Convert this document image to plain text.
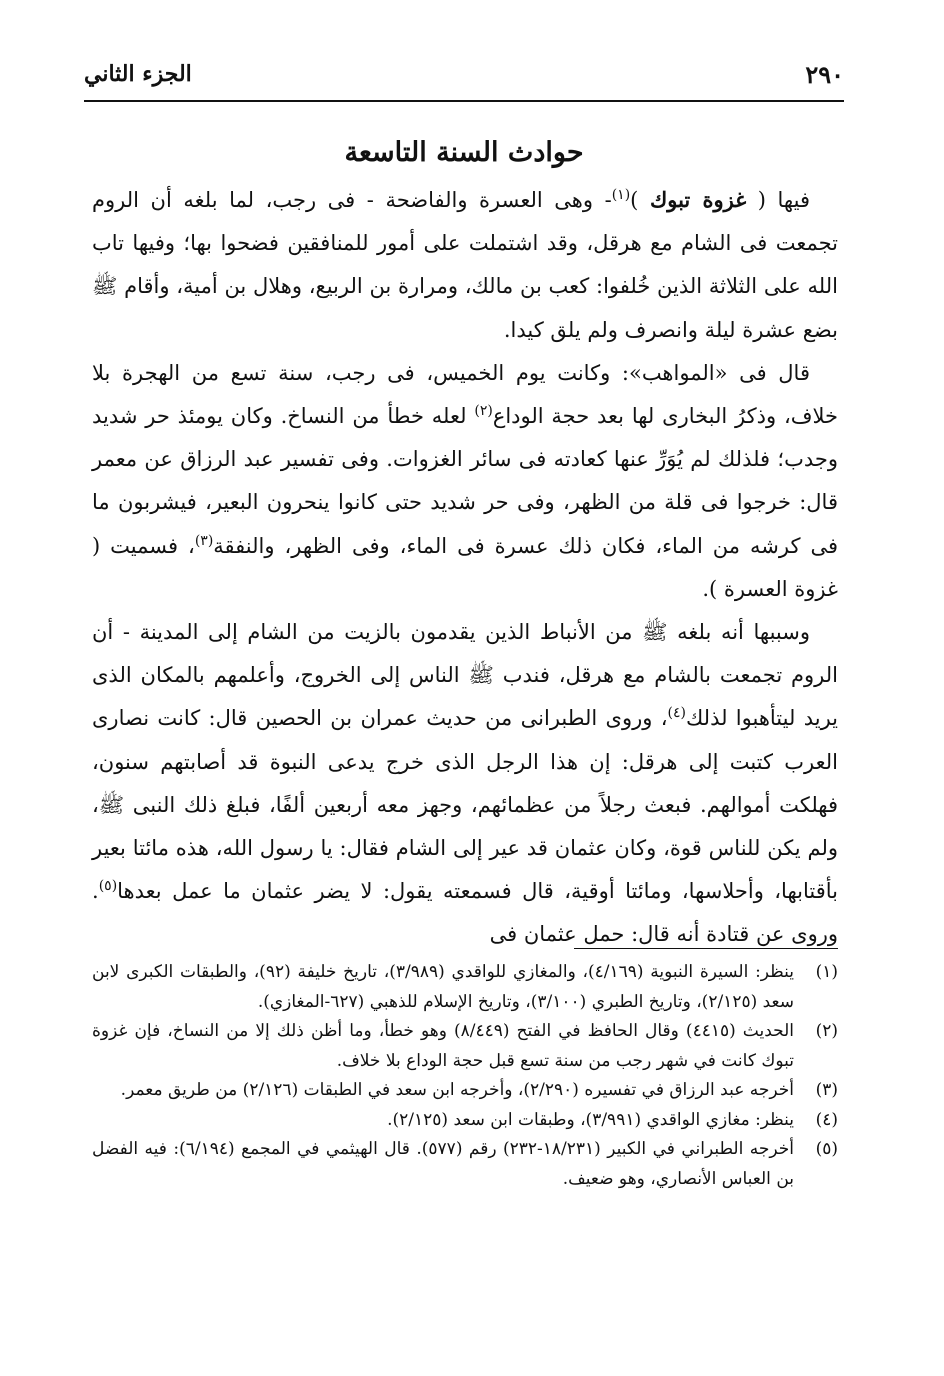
٢٩٠
الجزء الثاني
حوادث السنة التاسعة

فيها ( غزوة تبوك )$^{(١)}$- وهى العسرة والفاضحة - فى رجب، لما بلغه أن الروم تجمعت فى الشام مع هرقل، وقد اشتملت على أمور للمنافقين فضحوا بها؛ وفيها تاب الله على الثلاثة الذين خُلفوا: كعب بن مالك، ومرارة بن الربيع، وهلال بن أمية، وأقام ﷺ بضع عشرة ليلة وانصرف ولم يلق كيدا.

قال فى «المواهب»: وكانت يوم الخميس، فى رجب، سنة تسع من الهجرة بلا خلاف، وذكرُ البخارى لها بعد حجة الوداع$^{(٢)}$ لعله خطأ من النساخ. وكان يومئذ حر شديد وجدب؛ فلذلك لم يُوَرِّ عنها كعادته فى سائر الغزوات. وفى تفسير عبد الرزاق عن معمر قال: خرجوا فى قلة من الظهر، وفى حر شديد حتى كانوا ينحرون البعير، فيشربون ما فى كرشه من الماء، فكان ذلك عسرة فى الماء، وفى الظهر، والنفقة$^{(٣)}$، فسميت ( غزوة العسرة ).

وسببها أنه بلغه ﷺ من الأنباط الذين يقدمون بالزيت من الشام إلى المدينة - أن الروم تجمعت بالشام مع هرقل، فندب ﷺ الناس إلى الخروج، وأعلمهم بالمكان الذى يريد ليتأهبوا لذلك$^{(٤)}$، وروى الطبرانى من حديث عمران بن الحصين قال: كانت نصارى العرب كتبت إلى هرقل: إن هذا الرجل الذى خرج يدعى النبوة قد أصابتهم سنون، فهلكت أموالهم. فبعث رجلاً من عظمائهم، وجهز معه أربعين ألفًا، فبلغ ذلك النبى ﷺ، ولم يكن للناس قوة، وكان عثمان قد عير إلى الشام فقال: يا رسول الله، هذه مائتا بعير بأقتابها، وأحلاسها، ومائتا أوقية، قال فسمعته يقول: لا يضر عثمان ما عمل بعدها$^{(٥)}$. وروى عن قتادة أنه قال: حمل عثمان فى

(١)
ينظر: السيرة النبوية (٤/١٦٩)، والمغازي للواقدي (٣/٩٨٩)، تاريخ خليفة (٩٢)، والطبقات الكبرى لابن سعد (٢/١٢٥)، وتاريخ الطبري (٣/١٠٠)، وتاريخ الإسلام للذهبي (٦٢٧-المغازي).
(٢)
الحديث (٤٤١٥) وقال الحافظ في الفتح (٨/٤٤٩) وهو خطأ، وما أظن ذلك إلا من النساخ، فإن غزوة تبوك كانت في شهر رجب من سنة تسع قبل حجة الوداع بلا خلاف.
(٣)
أخرجه عبد الرزاق في تفسيره (٢/٢٩٠)، وأخرجه ابن سعد في الطبقات (٢/١٢٦) من طريق معمر.
(٤)
ينظر: مغازي الواقدي (٣/٩٩١)، وطبقات ابن سعد (٢/١٢٥).
(٥)
أخرجه الطبراني في الكبير (١٨/٢٣١-٢٣٢) رقم (٥٧٧). قال الهيثمي في المجمع (٦/١٩٤): فيه الفضل بن العباس الأنصاري، وهو ضعيف.
